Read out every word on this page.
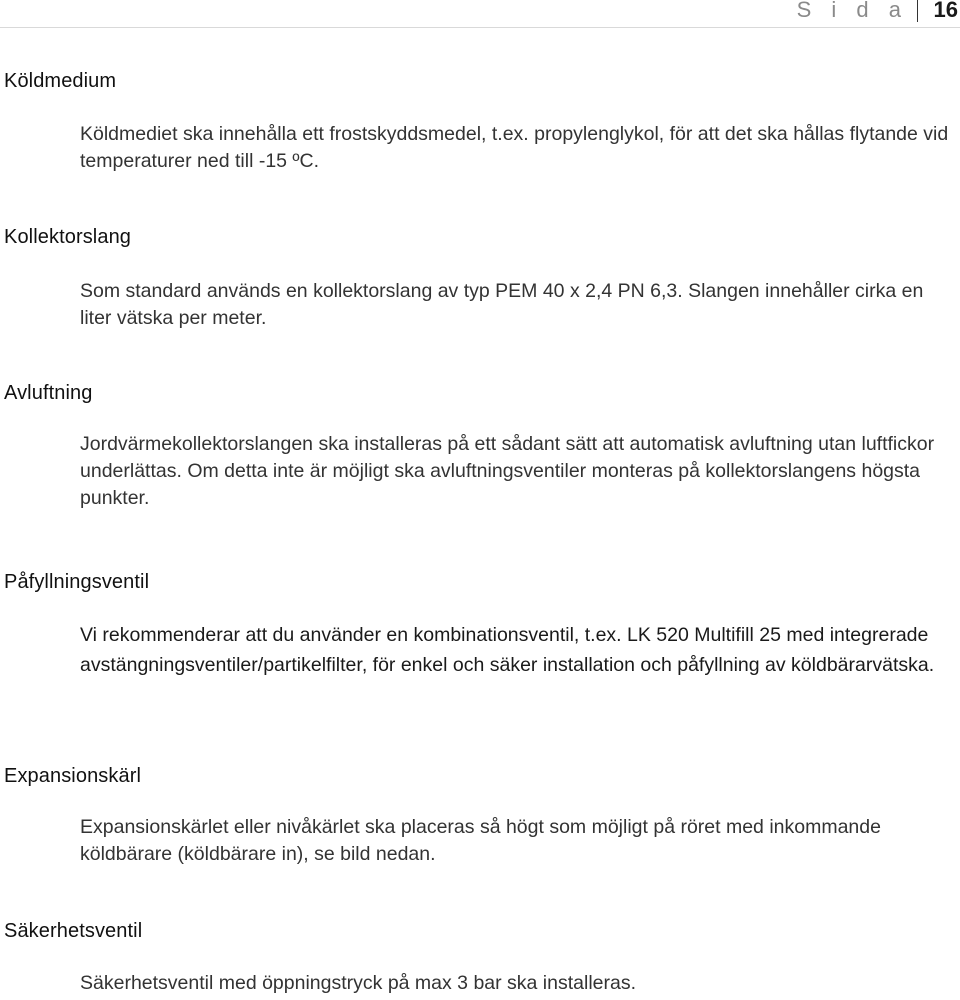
S i d a 16
Köldmedium

Köldmediet ska innehålla ett frostskyddsmedel, t.ex. propylenglykol, för att det ska hållas flytande vid temperaturer ned till -15 ºC.

Kollektorslang

Som standard används en kollektorslang av typ PEM 40 x 2,4 PN 6,3. Slangen innehåller cirka en liter vätska per meter.

Avluftning

Jordvärmekollektorslangen ska installeras på ett sådant sätt att automatisk avluftning utan luftfickor underlättas. Om detta inte är möjligt ska avluftningsventiler monteras på kollektorslangens högsta punkter.

Påfyllningsventil

Vi rekommenderar att du använder en kombinationsventil, t.ex. LK 520 Multifill 25 med integrerade avstängningsventiler/partikelfilter, för enkel och säker installation och påfyllning av köldbärarvätska.

Expansionskärl

Expansionskärlet eller nivåkärlet ska placeras så högt som möjligt på röret med inkommande köldbärare (köldbärare in), se bild nedan.

Säkerhetsventil

Säkerhetsventil med öppningstryck på max 3 bar ska installeras.
